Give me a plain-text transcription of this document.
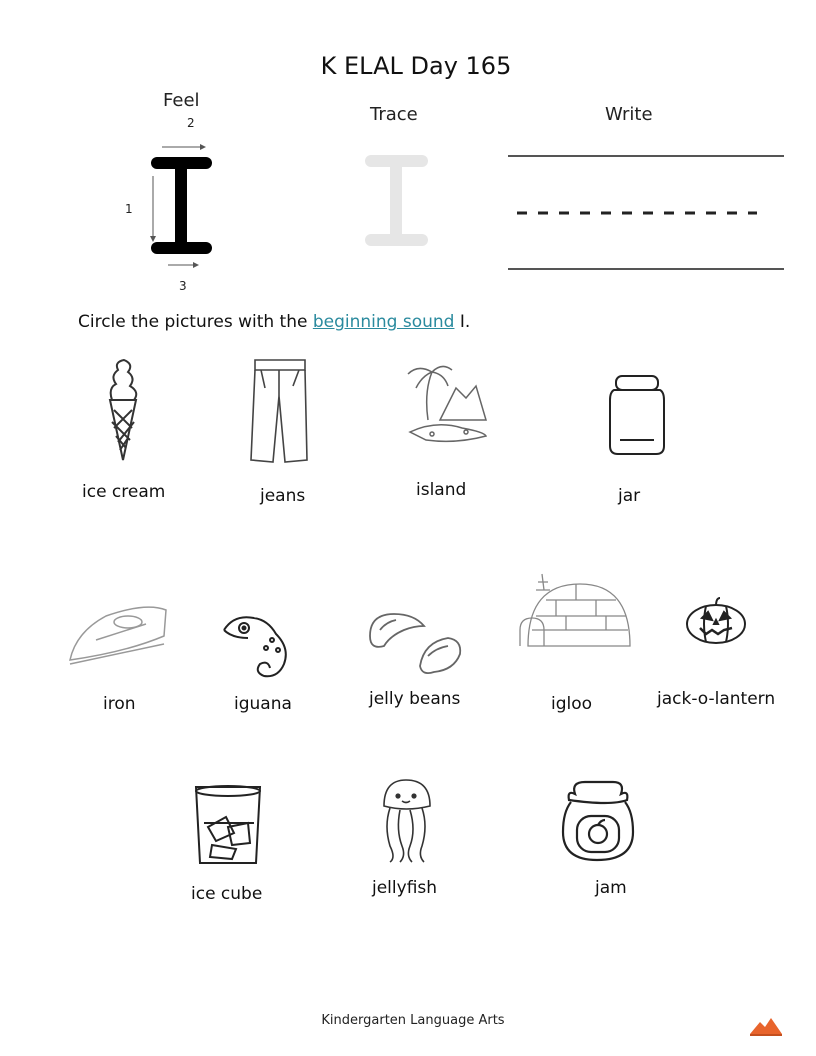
K ELAL Day 165
Feel
2
1
3
Trace	Write
Circle the pictures with the beginning sound I.
ice cream	jeans	island	jar
iron	iguana	jelly beans	igloo	jack-o-lantern
ice cube	jellyfish	jam
Kindergarten Language Arts
